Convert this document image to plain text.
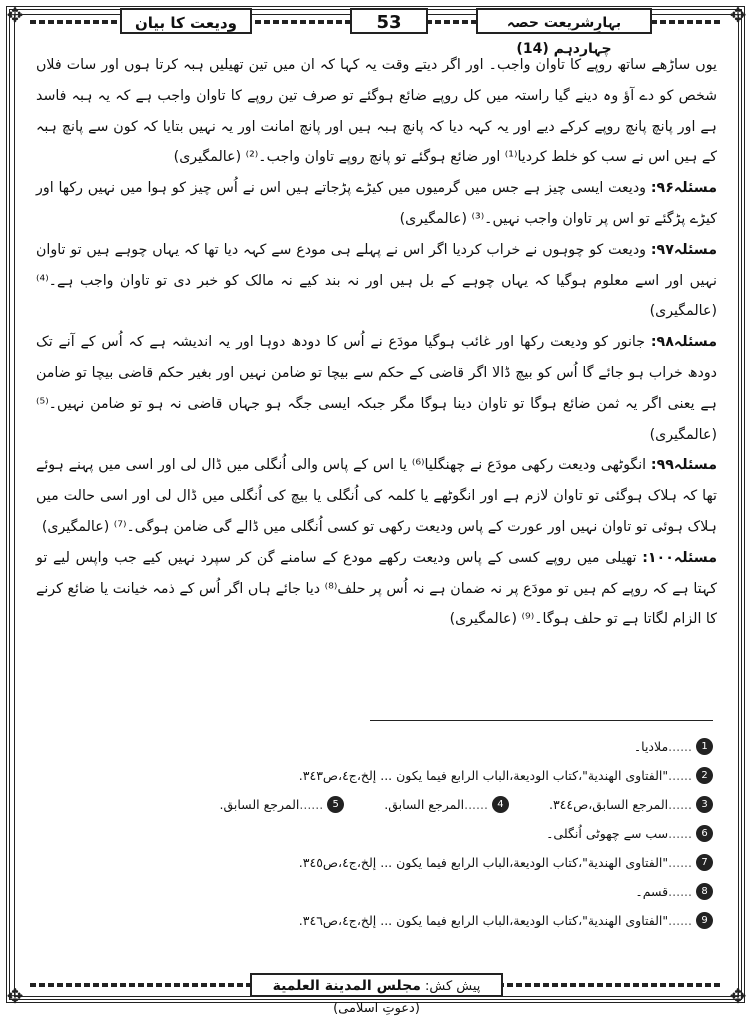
✥	✥
✥	✥
ودیعت کا بیان	53	بہارِشریعت حصہ چہاردہم (14)

یوں ساڑھے ساتھ روپے کا تاوان واجب۔ اور اگر دیتے وقت یہ کہا کہ ان میں تین تھیلیں ہبہ کرتا ہوں اور سات فلاں شخص کو دے آؤ وہ دینے گیا راستہ میں کل روپے ضائع ہوگئے تو صرف تین روپے کا تاوان واجب ہے کہ یہ ہبہ فاسد ہے اور پانچ پانچ روپے کرکے دیے اور یہ کہہ دیا کہ پانچ ہبہ ہیں اور پانچ امانت اور یہ نہیں بتایا کہ کون سے پانچ ہبہ کے ہیں اس نے سب کو خلط کردیا⁽¹⁾ اور ضائع ہوگئے تو پانچ روپے تاوان واجب۔⁽²⁾ (عالمگیری)

مسئلہ۹۶: ودیعت ایسی چیز ہے جس میں گرمیوں میں کیڑے پڑجاتے ہیں اس نے اُس چیز کو ہوا میں نہیں رکھا اور کیڑے پڑگئے تو اس پر تاوان واجب نہیں۔⁽³⁾ (عالمگیری)

مسئلہ۹۷: ودیعت کو چوہوں نے خراب کردیا اگر اس نے پہلے ہی مودع سے کہہ دیا تھا کہ یہاں چوہے ہیں تو تاوان نہیں اور اسے معلوم ہوگیا کہ یہاں چوہے کے بل ہیں اور نہ بند کیے نہ مالک کو خبر دی تو تاوان واجب ہے۔⁽⁴⁾ (عالمگیری)

مسئلہ۹۸: جانور کو ودیعت رکھا اور غائب ہوگیا مودَع نے اُس کا دودھ دوہا اور یہ اندیشہ ہے کہ اُس کے آنے تک دودھ خراب ہو جائے گا اُس کو بیچ ڈالا اگر قاضی کے حکم سے بیچا تو ضامن نہیں اور بغیر حکم قاضی بیچا تو ضامن ہے یعنی اگر یہ ثمن ضائع ہوگا تو تاوان دینا ہوگا مگر جبکہ ایسی جگہ ہو جہاں قاضی نہ ہو تو ضامن نہیں۔⁽⁵⁾ (عالمگیری)

مسئلہ۹۹: انگوٹھی ودیعت رکھی مودَع نے چھنگلیا⁽⁶⁾ یا اس کے پاس والی اُنگلی میں ڈال لی اور اسی میں پہنے ہوئے تھا کہ ہلاک ہوگئی تو تاوان لازم ہے اور انگوٹھے یا کلمہ کی اُنگلی یا بیچ کی اُنگلی میں ڈال لی اور اسی حالت میں ہلاک ہوئی تو تاوان نہیں اور عورت کے پاس ودیعت رکھی تو کسی اُنگلی میں ڈالے گی ضامن ہوگی۔⁽⁷⁾ (عالمگیری)

مسئلہ۱۰۰: تھیلی میں روپے کسی کے پاس ودیعت رکھے مودع کے سامنے گن کر سپرد نہیں کیے جب واپس لیے تو کہتا ہے کہ روپے کم ہیں تو مودَع پر نہ ضمان ہے نہ اُس پر حلف⁽⁸⁾ دیا جائے ہاں اگر اُس کے ذمہ خیانت یا ضائع کرنے کا الزام لگاتا ہے تو حلف ہوگا۔⁽⁹⁾ (عالمگیری)

1
......
ملادیا۔
2
......
"الفتاوی الهندية"،كتاب الوديعة،الباب الرابع فيما يكون ... إلخ،ج٤،ص٣٤٣.
3
......
المرجع السابق،ص٣٤٤.
4
......
المرجع السابق.
5
......
المرجع السابق.
6
......
سب سے چھوٹی اُنگلی۔
7
......
"الفتاوی الهندية"،كتاب الوديعة،الباب الرابع فيما يكون ... إلخ،ج٤،ص٣٤٥.
8
......
قسم۔
9
......
"الفتاوی الهندية"،كتاب الوديعة،الباب الرابع فيما يكون ... إلخ،ج٤،ص٣٤٦.
پیش کش: مجلس المدينة العلمية (دعوتِ اسلامی)
